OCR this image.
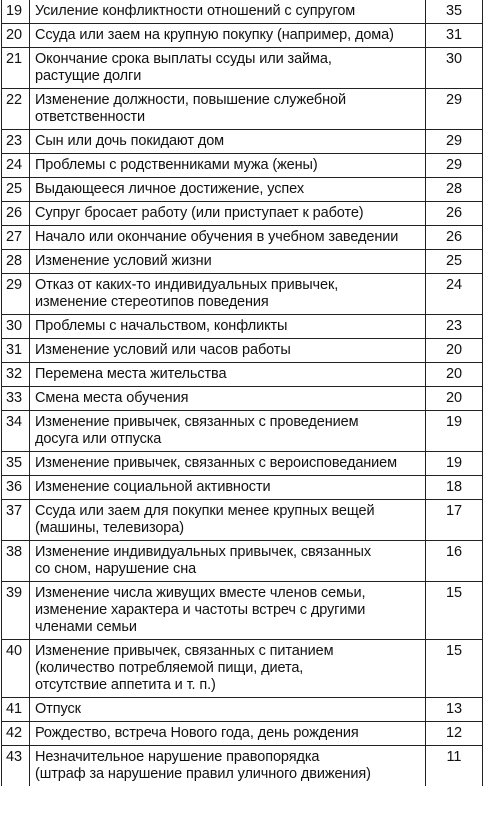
19	Усиление конфликтности отношений с супругом	35
20	Ссуда или заем на крупную покупку (например, дома)	31
21	Окончание срока выплаты ссуды или займа,
растущие долги	30
22	Изменение должности, повышение служебной
ответственности	29
23	Сын или дочь покидают дом	29
24	Проблемы с родственниками мужа (жены)	29
25	Выдающееся личное достижение, успех	28
26	Супруг бросает работу (или приступает к работе)	26
27	Начало или окончание обучения в учебном заведении	26
28	Изменение условий жизни	25
29	Отказ от каких-то индивидуальных привычек,
изменение стереотипов поведения	24
30	Проблемы с начальством, конфликты	23
31	Изменение условий или часов работы	20
32	Перемена места жительства	20
33	Смена места обучения	20
34	Изменение привычек, связанных с проведением
досуга или отпуска	19
35	Изменение привычек, связанных с вероисповеданием	19
36	Изменение социальной активности	18
37	Ссуда или заем для покупки менее крупных вещей
(машины, телевизора)	17
38	Изменение индивидуальных привычек, связанных
со сном, нарушение сна	16
39	Изменение числа живущих вместе членов семьи,
изменение характера и частоты встреч с другими
членами семьи	15
40	Изменение привычек, связанных с питанием
(количество потребляемой пищи, диета,
отсутствие аппетита и т. п.)	15
41	Отпуск	13
42	Рождество, встреча Нового года, день рождения	12
43	Незначительное нарушение правопорядка
(штраф за нарушение правил уличного движения)	11
